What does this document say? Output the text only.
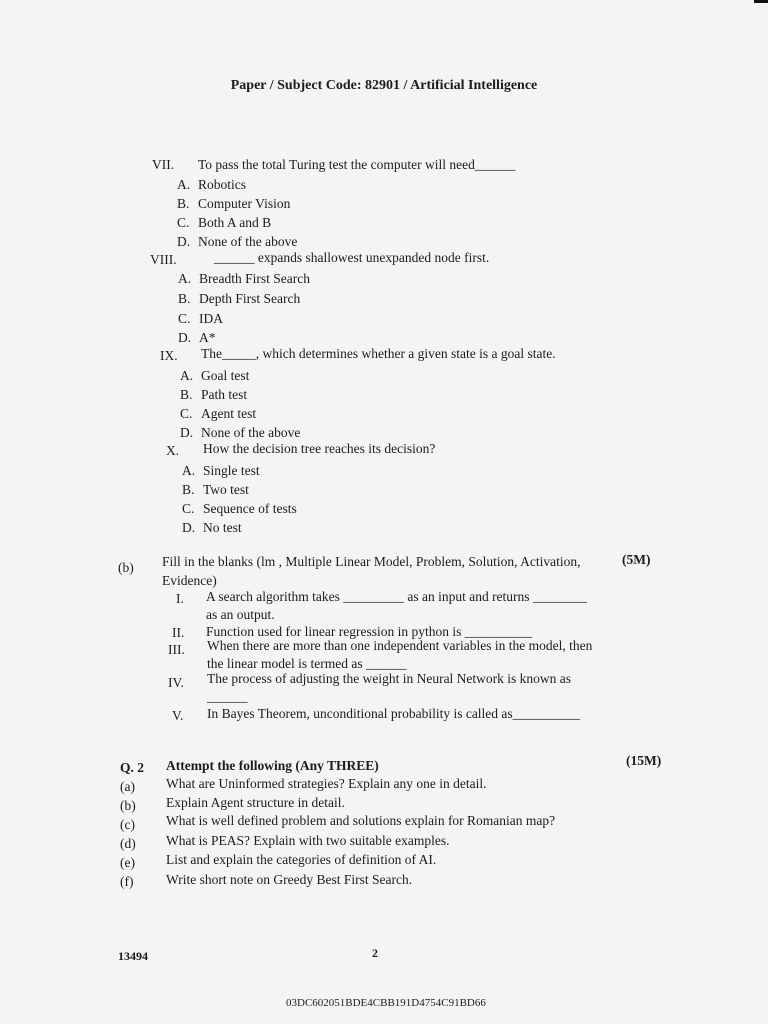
Paper / Subject Code: 82901 / Artificial Intelligence
VII. To pass the total Turing test the computer will need______
A. Robotics
B. Computer Vision
C. Both A and B
D. None of the above
VIII.	______ expands shallowest unexpanded node first.
A. Breadth First Search
B. Depth First Search
C. IDA
D. A*
IX. The_____, which determines whether a given state is a goal state.
A. Goal test
B. Path test
C. Agent test
D. None of the above
X. How the decision tree reaches its decision?
A. Single test
B. Two test
C. Sequence of tests
D. No test
(b) Fill in the blanks (lm , Multiple Linear Model, Problem, Solution, Activation,
Evidence)
(5M)
I. A search algorithm takes _________ as an input and returns ________
as an output.
II. Function used for linear regression in python is __________
III. When there are more than one independent variables in the model, then
the linear model is termed as ______
IV. The process of adjusting the weight in Neural Network is known as
______
V. In Bayes Theorem, unconditional probability is called as__________
Q. 2 Attempt the following (Any THREE)	(15M)
(a) What are Uninformed strategies? Explain any one in detail.
(b) Explain Agent structure in detail.
(c) What is well defined problem and solutions explain for Romanian map?
(d) What is PEAS? Explain with two suitable examples.
(e) List and explain the categories of definition of AI.
(f) Write short note on Greedy Best First Search.
13494	2
03DC602051BDE4CBB191D4754C91BD66
